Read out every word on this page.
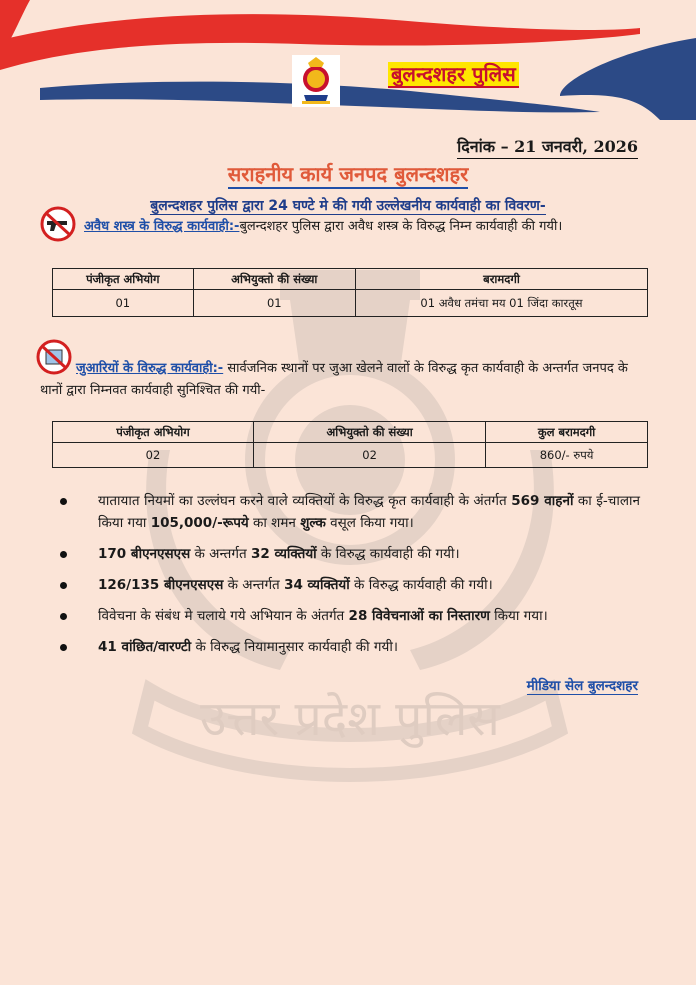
बुलन्दशहर पुलिस
दिनांक – 21 जनवरी, 2026
उत्तर प्रदेश पुलिस
सराहनीय कार्य जनपद बुलन्दशहर
बुलन्दशहर पुलिस द्वारा 24 घण्टे मे की गयी उल्लेखनीय कार्यवाही का विवरण-
अवैध शस्त्र के विरुद्ध कार्यवाही:-बुलन्दशहर पुलिस द्वारा अवैध शस्त्र के विरुद्ध निम्न कार्यवाही की गयी।
पंजीकृत अभियोग	अभियुक्तो की संख्या	बरामदगी
01	01	01 अवैध तमंचा मय 01 जिंदा कारतूस
जुआरियों के विरुद्ध कार्यवाही:- सार्वजनिक स्थानों पर जुआ खेलने वालों के विरुद्ध कृत कार्यवाही के अन्तर्गत जनपद के थानों द्वारा निम्नवत कार्यवाही सुनिश्चित की गयी-
पंजीकृत अभियोग	अभियुक्तो की संख्या	कुल बरामदगी
02	02	860/- रुपये
यातायात नियमों का उल्लंघन करने वाले व्यक्तियों के विरुद्ध कृत कार्यवाही के अंतर्गत 569 वाहनों का ई-चालान किया गया 105,000/-रूपये का शमन शुल्क वसूल किया गया।
170 बीएनएसएस के अन्तर्गत 32 व्यक्तियों के विरुद्ध कार्यवाही की गयी।
126/135 बीएनएसएस के अन्तर्गत 34 व्यक्तियों के विरुद्ध कार्यवाही की गयी।
विवेचना के संबंध मे चलाये गये अभियान के अंतर्गत 28 विवेचनाओं का निस्तारण किया गया।
41 वांछित/वारण्टी के विरुद्ध नियामानुसार कार्यवाही की गयी।
मीडिया सेल बुलन्दशहर
